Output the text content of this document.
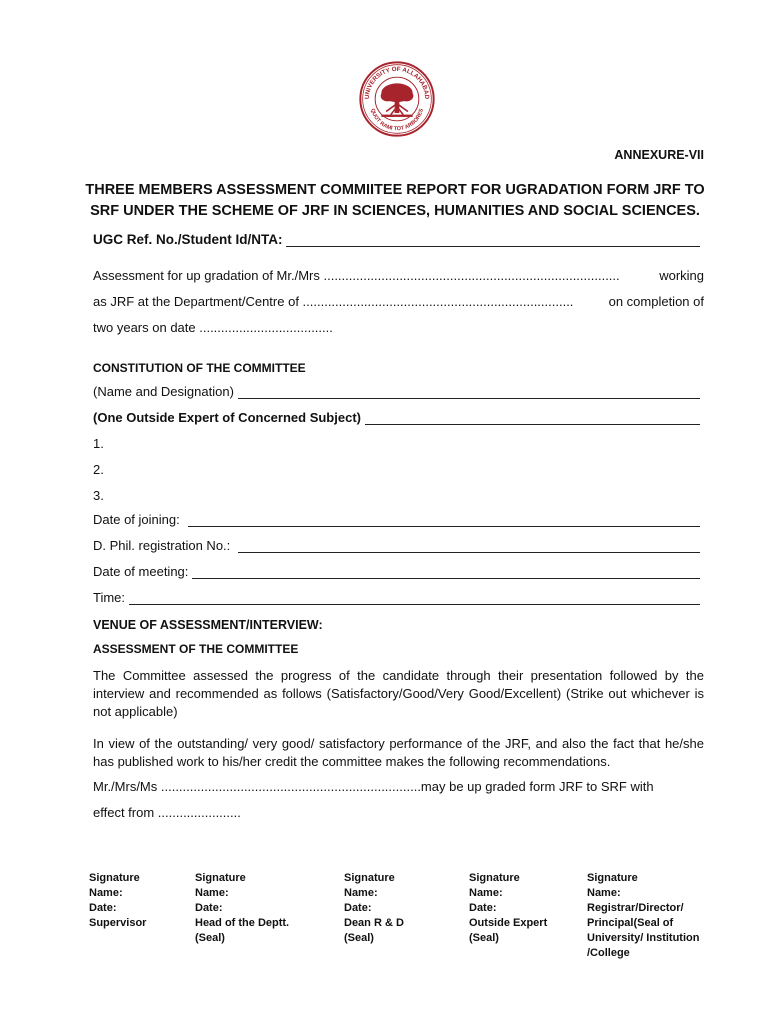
UNIVERSITY OF ALLAHABAD
QUOT RAMI TOT ARBORES
ANNEXURE-VII
THREE MEMBERS ASSESSMENT COMMIITEE REPORT FOR UGRADATION FORM JRF TO
SRF UNDER THE SCHEME OF JRF IN SCIENCES, HUMANITIES AND SOCIAL SCIENCES.
UGC Ref. No./Student Id/NTA:
Assessment for up gradation of Mr./Mrs ..................................................................................	working
as JRF at the Department/Centre of ...........................................................................	on completion of
two years on date .....................................
CONSTITUTION OF THE COMMITTEE
(Name and Designation)
(One Outside Expert of Concerned Subject)
1.
2.
3.
Date of joining:
D. Phil. registration No.:
Date of meeting:
Time:
VENUE OF ASSESSMENT/INTERVIEW:
ASSESSMENT OF THE COMMITTEE
The Committee assessed the progress of the candidate through their presentation followed by the interview and recommended as follows (Satisfactory/Good/Very Good/Excellent) (Strike out whichever is not applicable)
In view of the outstanding/ very good/ satisfactory performance of the JRF, and also the fact that he/she has published work to his/her credit the committee makes the following recommendations.
Mr./Mrs/Ms ........................................................................may be up graded form JRF to SRF with
effect from .......................
Signature
Name:
Date:
Supervisor
Signature
Name:
Date:
Head of the Deptt.
(Seal)
Signature
Name:
Date:
Dean R & D
(Seal)
Signature
Name:
Date:
Outside Expert
(Seal)
Signature
Name:
Registrar/Director/
Principal(Seal of
University/ Institution
/College
